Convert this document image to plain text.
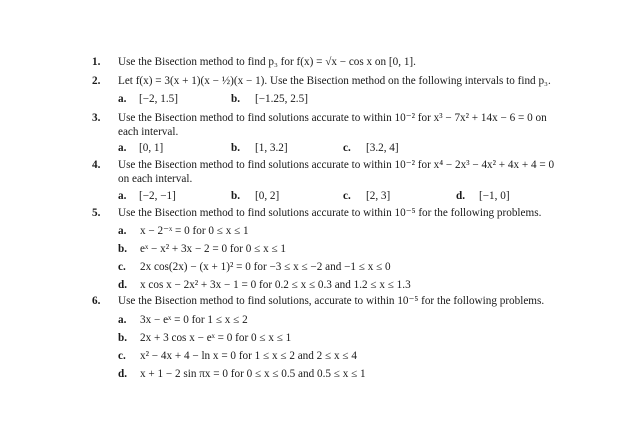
1. Use the Bisection method to find p₃ for f(x) = √x − cos x on [0, 1].
2. Let f(x) = 3(x + 1)(x − ½)(x − 1). Use the Bisection method on the following intervals to find p₃.
a. [−2, 1.5]	b. [−1.25, 2.5]
3. Use the Bisection method to find solutions accurate to within 10⁻² for x³ − 7x² + 14x − 6 = 0 on
each interval.
a. [0, 1]	b. [1, 3.2]	c. [3.2, 4]
4. Use the Bisection method to find solutions accurate to within 10⁻² for x⁴ − 2x³ − 4x² + 4x + 4 = 0
on each interval.
a. [−2, −1]	b. [0, 2]	c. [2, 3]	d. [−1, 0]
5. Use the Bisection method to find solutions accurate to within 10⁻⁵ for the following problems.
a. x − 2⁻ˣ = 0 for 0 ≤ x ≤ 1
b. eˣ − x² + 3x − 2 = 0 for 0 ≤ x ≤ 1
c. 2x cos(2x) − (x + 1)² = 0 for −3 ≤ x ≤ −2 and −1 ≤ x ≤ 0
d. x cos x − 2x² + 3x − 1 = 0 for 0.2 ≤ x ≤ 0.3 and 1.2 ≤ x ≤ 1.3
6. Use the Bisection method to find solutions, accurate to within 10⁻⁵ for the following problems.
a. 3x − eˣ = 0 for 1 ≤ x ≤ 2
b. 2x + 3 cos x − eˣ = 0 for 0 ≤ x ≤ 1
c. x² − 4x + 4 − ln x = 0 for 1 ≤ x ≤ 2 and 2 ≤ x ≤ 4
d. x + 1 − 2 sin πx = 0 for 0 ≤ x ≤ 0.5 and 0.5 ≤ x ≤ 1
